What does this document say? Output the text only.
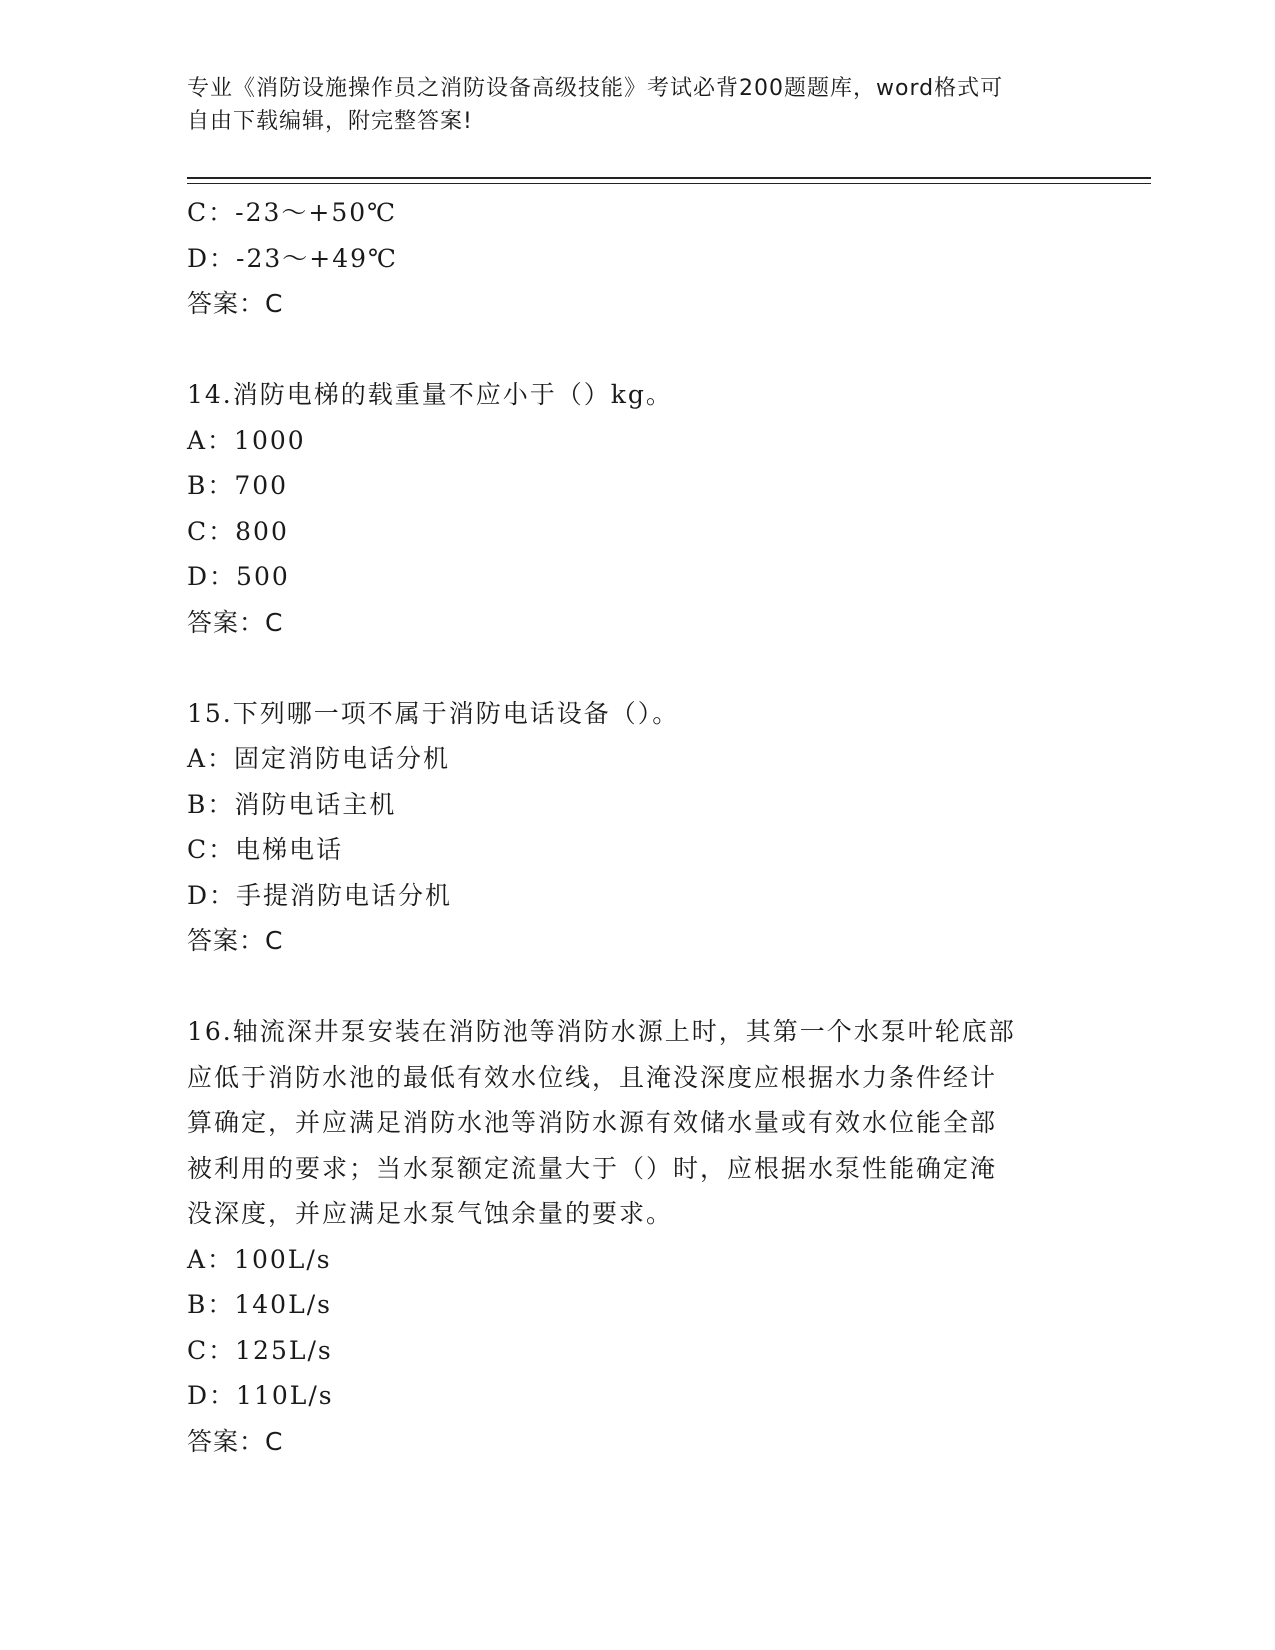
专业《消防设施操作员之消防设备高级技能》考试必背200题题库，word格式可
自由下载编辑，附完整答案!
C：-23～+50℃
D：-23～+49℃
答案：C
14.消防电梯的载重量不应小于（）kg。
A：1000
B：700
C：800
D：500
答案：C
15.下列哪一项不属于消防电话设备（）。
A：固定消防电话分机
B：消防电话主机
C：电梯电话
D：手提消防电话分机
答案：C
16.轴流深井泵安装在消防池等消防水源上时，其第一个水泵叶轮底部
应低于消防水池的最低有效水位线，且淹没深度应根据水力条件经计
算确定，并应满足消防水池等消防水源有效储水量或有效水位能全部
被利用的要求；当水泵额定流量大于（）时，应根据水泵性能确定淹
没深度，并应满足水泵气蚀余量的要求。
A：100L/s
B：140L/s
C：125L/s
D：110L/s
答案：C
